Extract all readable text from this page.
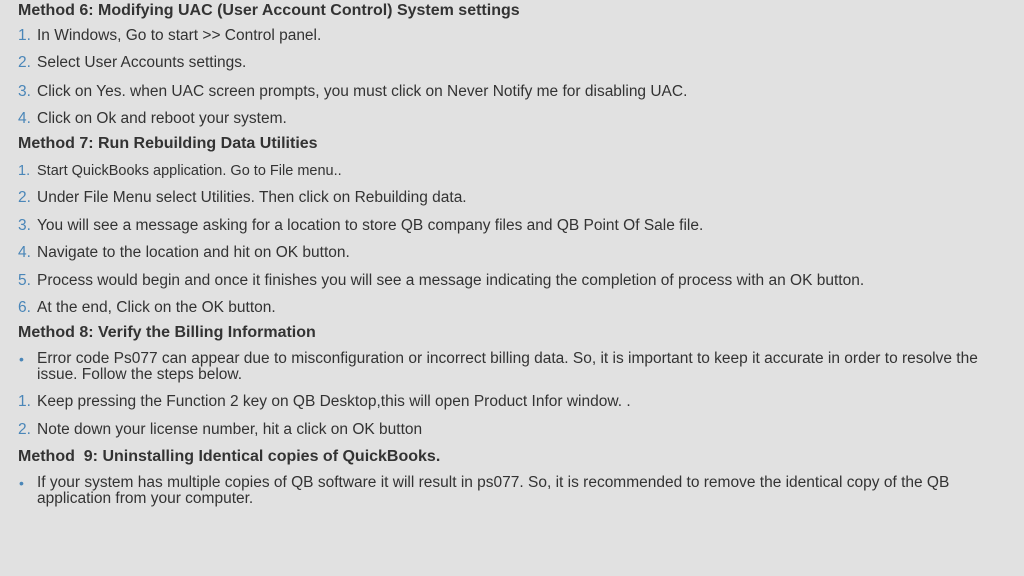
Method 6: Modifying UAC (User Account Control) System settings
1. In Windows, Go to start >> Control panel.
2. Select User Accounts settings.
3. Click on Yes. when UAC screen prompts, you must click on Never Notify me for disabling UAC.
4. Click on Ok and reboot your system.
Method 7: Run Rebuilding Data Utilities
1. Start QuickBooks application. Go to File menu..
2. Under File Menu select Utilities. Then click on Rebuilding data.
3. You will see a message asking for a location to store QB company files and QB Point Of Sale file.
4. Navigate to the location and hit on OK button.
5. Process would begin and once it finishes you will see a message indicating the completion of process with an OK button.
6. At the end, Click on the OK button.
Method 8: Verify the Billing Information
• Error code Ps077 can appear due to misconfiguration or incorrect billing data. So, it is important to keep it accurate in order to resolve the issue. Follow the steps below.
1. Keep pressing the Function 2 key on QB Desktop,this will open Product Infor window. .
2. Note down your license number, hit a click on OK button
Method  9: Uninstalling Identical copies of QuickBooks.
• If your system has multiple copies of QB software it will result in ps077. So, it is recommended to remove the identical copy of the QB application from your computer.
